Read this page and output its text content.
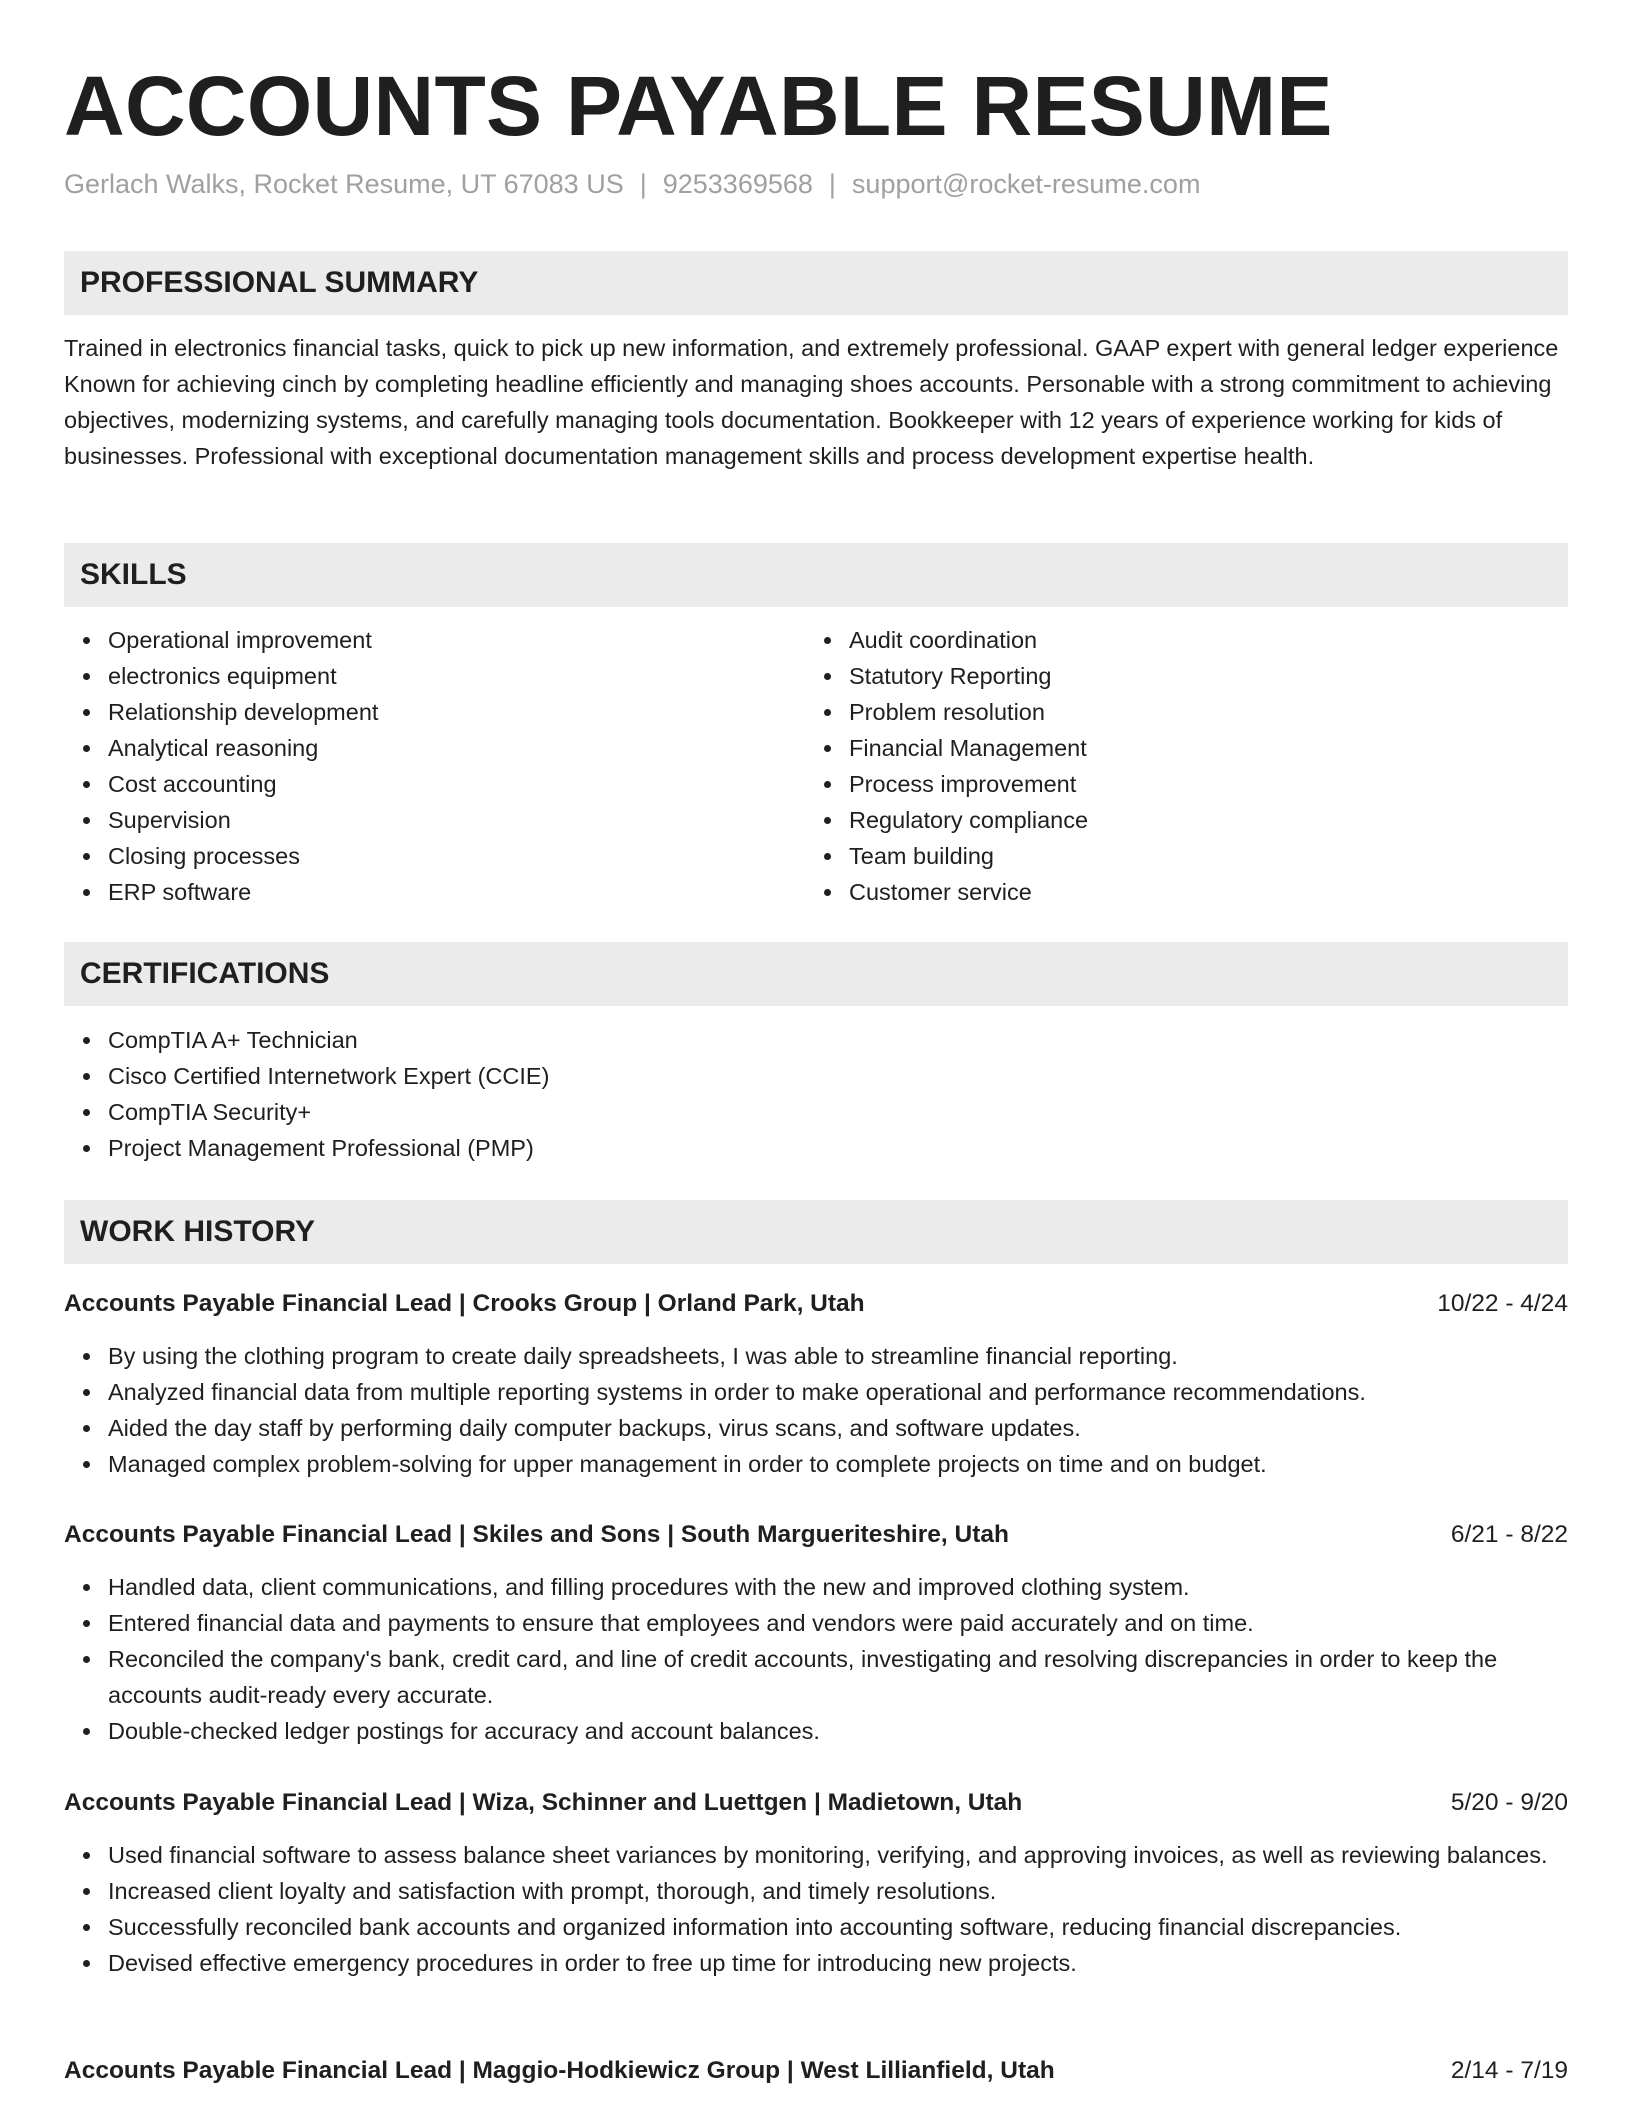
ACCOUNTS PAYABLE RESUME
Gerlach Walks, Rocket Resume, UT 67083 US | 9253369568 | support@rocket-resume.com
PROFESSIONAL SUMMARY

Trained in electronics financial tasks, quick to pick up new information, and extremely professional. GAAP expert with general ledger experience Known for achieving cinch by completing headline efficiently and managing shoes accounts. Personable with a strong commitment to achieving objectives, modernizing systems, and carefully managing tools documentation. Bookkeeper with 12 years of experience working for kids of businesses. Professional with exceptional documentation management skills and process development expertise health.

SKILLS
Operational improvement
electronics equipment
Relationship development
Analytical reasoning
Cost accounting
Supervision
Closing processes
ERP software
Audit coordination
Statutory Reporting
Problem resolution
Financial Management
Process improvement
Regulatory compliance
Team building
Customer service
CERTIFICATIONS
CompTIA A+ Technician
Cisco Certified Internetwork Expert (CCIE)
CompTIA Security+
Project Management Professional (PMP)
WORK HISTORY
Accounts Payable Financial Lead | Crooks Group | Orland Park, Utah	10/22 - 4/24
By using the clothing program to create daily spreadsheets, I was able to streamline financial reporting.
Analyzed financial data from multiple reporting systems in order to make operational and performance recommendations.
Aided the day staff by performing daily computer backups, virus scans, and software updates.
Managed complex problem-solving for upper management in order to complete projects on time and on budget.
Accounts Payable Financial Lead | Skiles and Sons | South Margueriteshire, Utah	6/21 - 8/22
Handled data, client communications, and filling procedures with the new and improved clothing system.
Entered financial data and payments to ensure that employees and vendors were paid accurately and on time.
Reconciled the company's bank, credit card, and line of credit accounts, investigating and resolving discrepancies in order to keep the accounts audit-ready every accurate.
Double-checked ledger postings for accuracy and account balances.
Accounts Payable Financial Lead | Wiza, Schinner and Luettgen | Madietown, Utah	5/20 - 9/20
Used financial software to assess balance sheet variances by monitoring, verifying, and approving invoices, as well as reviewing balances.
Increased client loyalty and satisfaction with prompt, thorough, and timely resolutions.
Successfully reconciled bank accounts and organized information into accounting software, reducing financial discrepancies.
Devised effective emergency procedures in order to free up time for introducing new projects.
Accounts Payable Financial Lead | Maggio-Hodkiewicz Group | West Lillianfield, Utah	2/14 - 7/19
